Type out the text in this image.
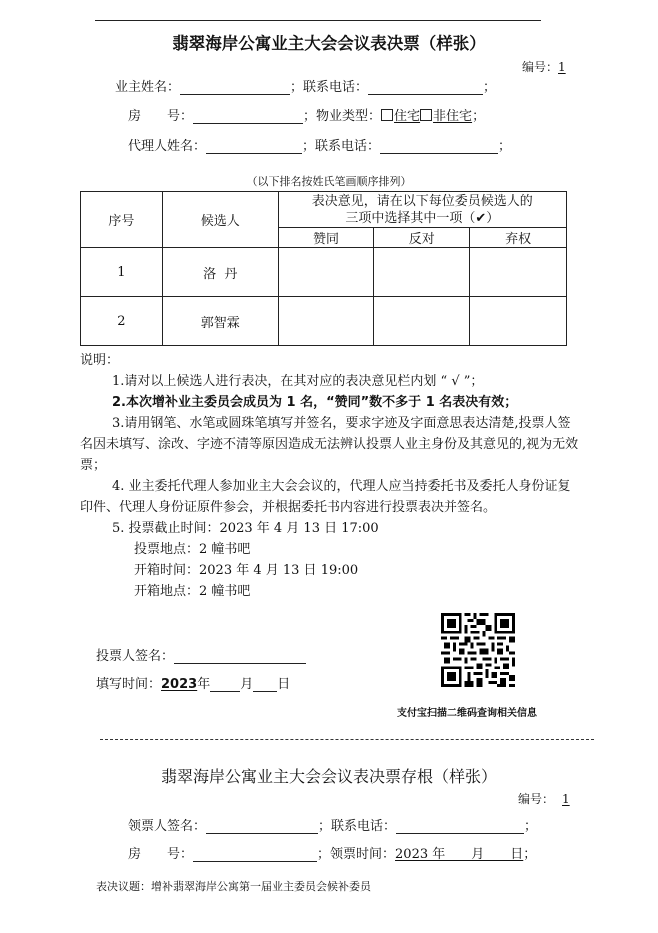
翡翠海岸公寓业主大会会议表决票（样张）
编号：1
业主姓名：	；联系电话：	；
房　　号：	；物业类型： 住宅 非住宅；
代理人姓名：	；联系电话：	；
（以下排名按姓氏笔画顺序排列）
序号	候选人	表决意见，请在以下每位委员候选人的
三项中选择其中一项（✔）		

		赞同	反对	弃权
1	洛  丹			
2	郭智霖			

说明：

1.请对以上候选人进行表决，在其对应的表决意见栏内划 “ √ ”；

2.本次增补业主委员会成员为 1 名，“赞同”数不多于 1 名表决有效；

3.请用钢笔、水笔或圆珠笔填写并签名，要求字迹及字面意思表达清楚,投票人签名因未填写、涂改、字迹不清等原因造成无法辨认投票人业主身份及其意见的,视为无效票；

4. 业主委托代理人参加业主大会会议的，代理人应当持委托书及委托人身份证复印件、代理人身份证原件参会，并根据委托书内容进行投票表决并签名。

5. 投票截止时间：2023 年 4 月 13 日 17:00

投票地点：2 幢书吧

开箱时间：2023 年 4 月 13 日 19:00

开箱地点：2 幢书吧

投票人签名：
填写时间：2023年 月 日
支付宝扫描二维码查询相关信息
翡翠海岸公寓业主大会会议表决票存根（样张）
编号： 1
领票人签名：	；联系电话：	；
房　　号：	；领票时间：2023 年　　月　　日；
表决议题：增补翡翠海岸公寓第一届业主委员会候补委员
